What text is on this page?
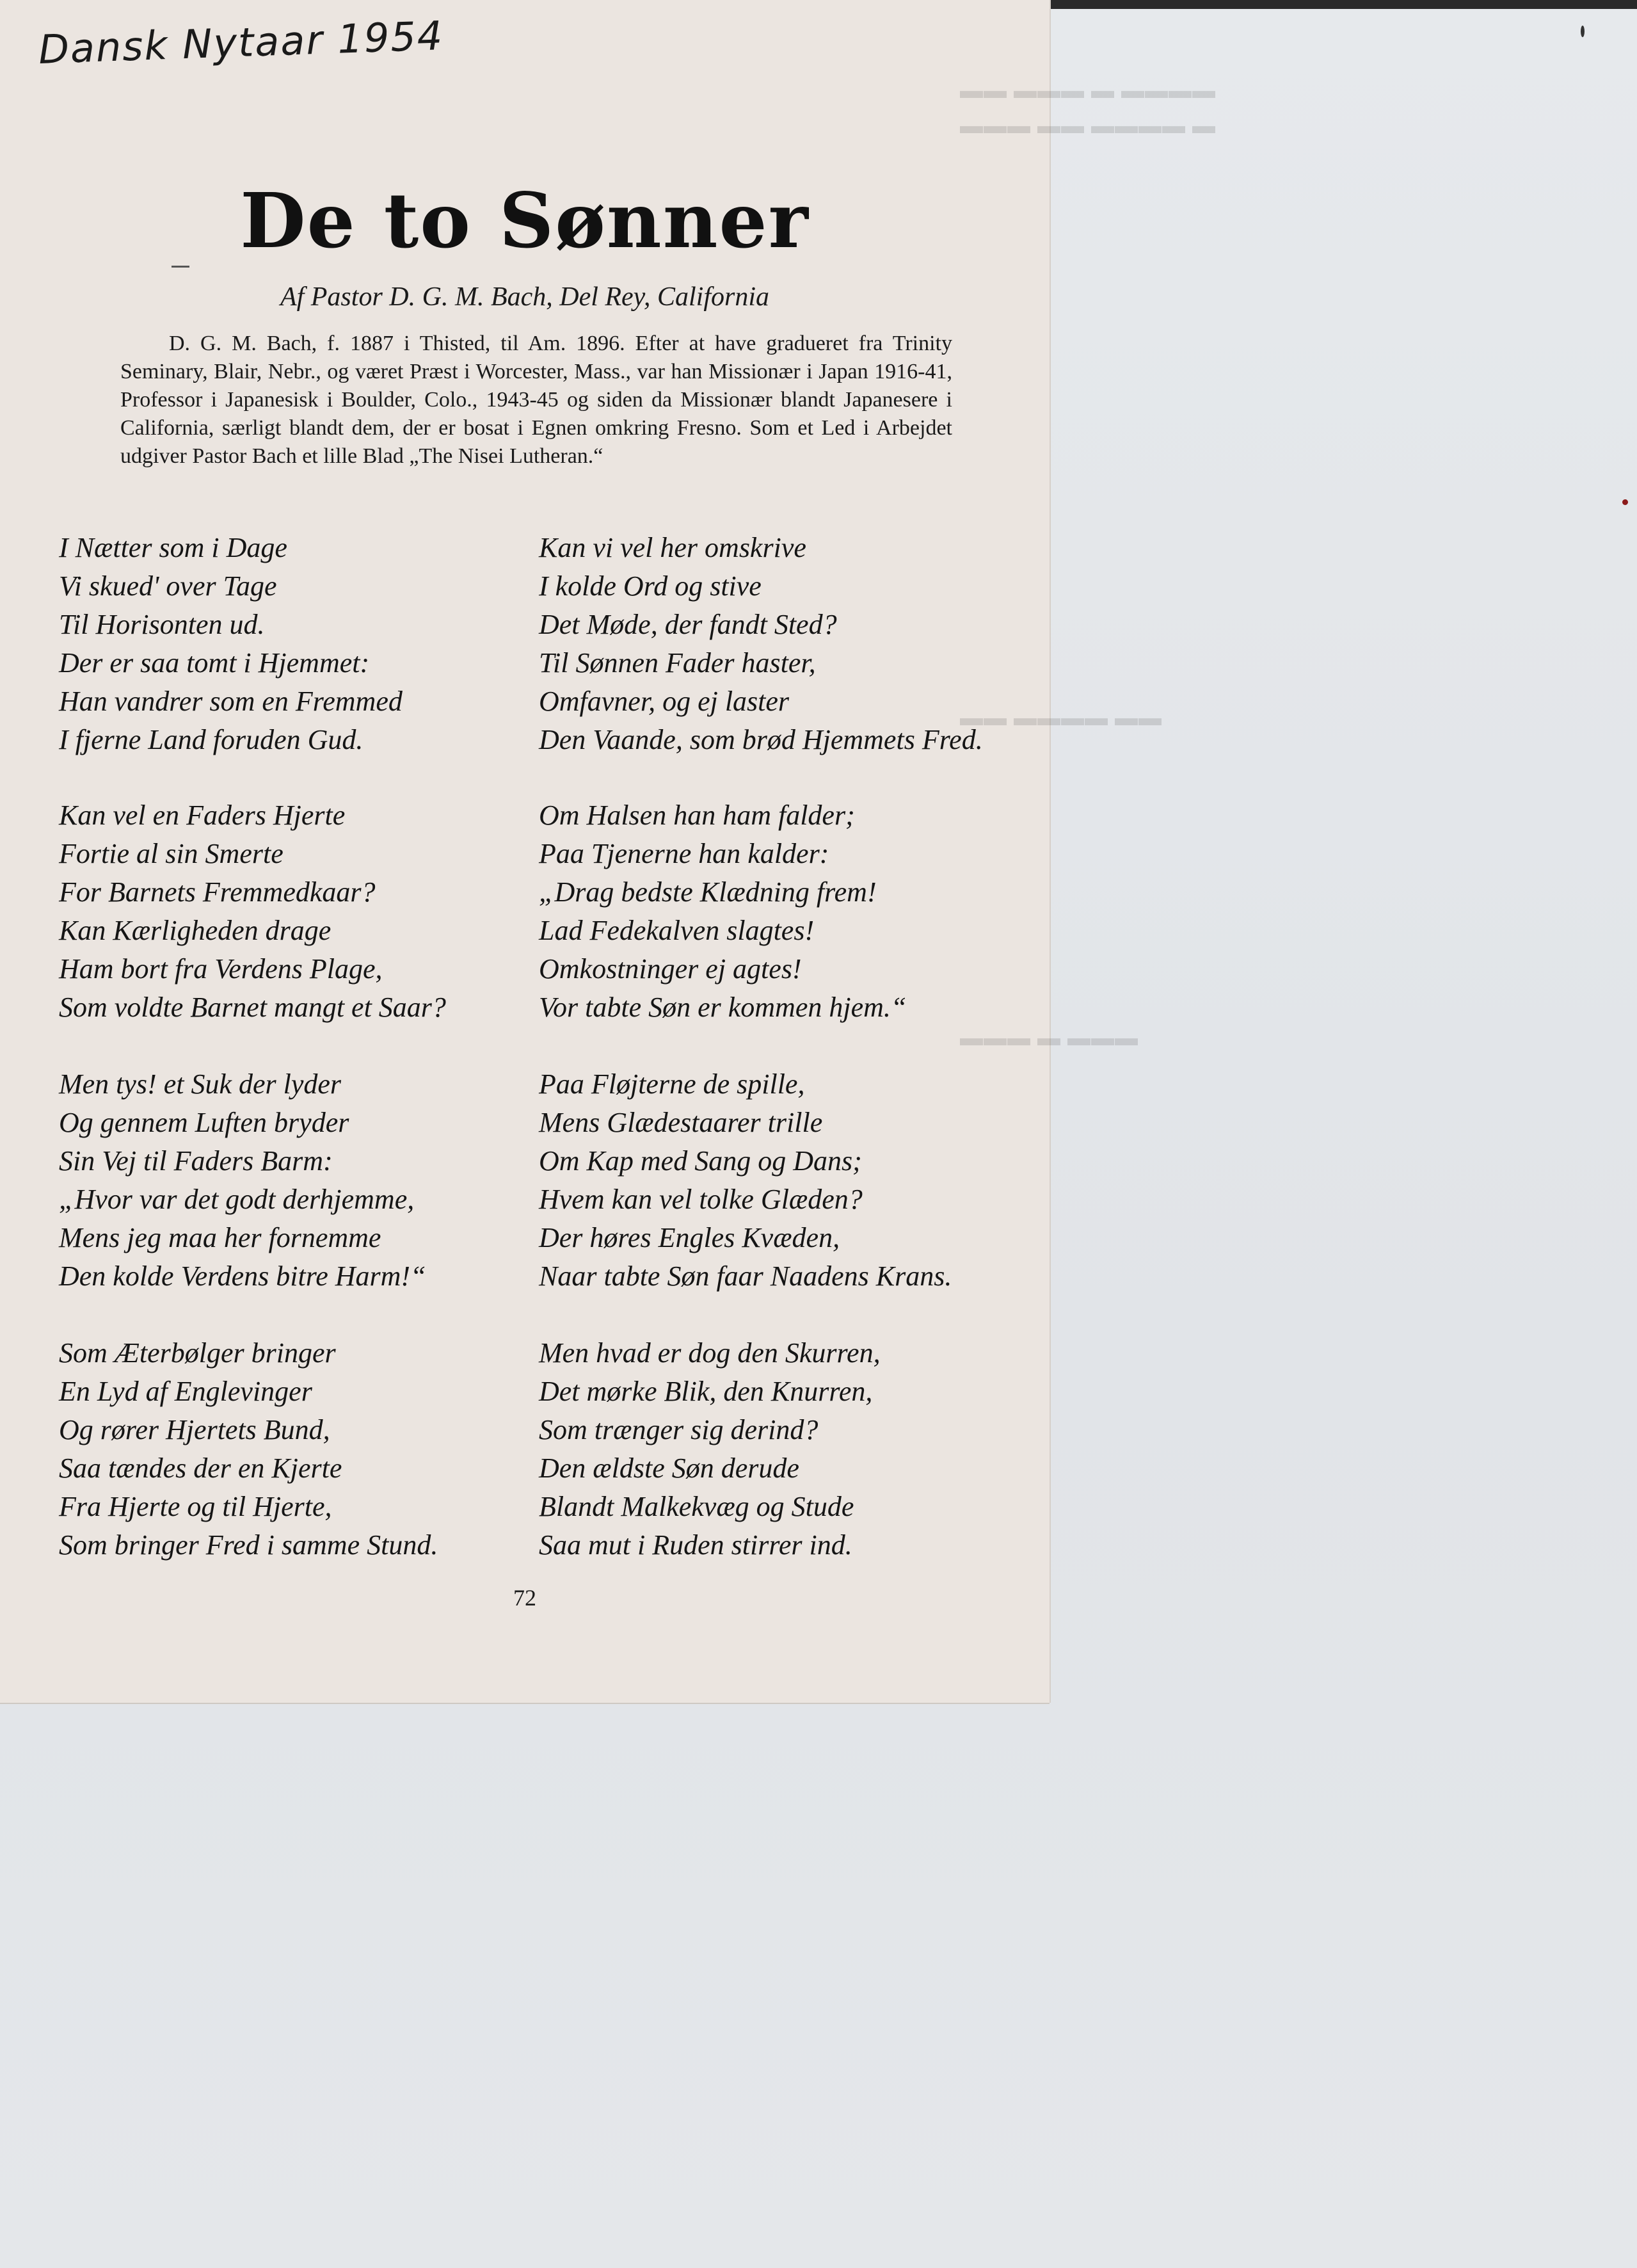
▬▬ ▬▬▬ ▬ ▬▬▬▬
▬▬▬ ▬▬ ▬▬▬▬ ▬
▬▬ ▬▬▬▬ ▬▬
▬▬▬ ▬ ▬▬▬
Dansk Nytaar 1954
De to Sønner
Af Pastor D. G. M. Bach, Del Rey, California

D. G. M. Bach, f. 1887 i Thisted, til Am. 1896. Efter at have graduеret fra Trinity Seminary, Blair, Nebr., og været Præst i Worcester, Mass., var han Missionær i Japan 1916-41, Professor i Japanesisk i Boulder, Colo., 1943-45 og siden da Missionær blandt Japanesere i California, særligt blandt dem, der er bosat i Egnen omkring Fresno. Som et Led i Arbejdet udgiver Pastor Bach et lille Blad „The Nisei Lutheran.“

I Nætter som i Dage
Vi skued' over Tage
Til Horisonten ud.
Der er saa tomt i Hjemmet:
Han vandrer som en Fremmed
I fjerne Land foruden Gud.
Kan vel en Faders Hjerte
Fortie al sin Smerte
For Barnets Fremmedkaar?
Kan Kærligheden drage
Ham bort fra Verdens Plage,
Som voldte Barnet mangt et Saar?
Men tys! et Suk der lyder
Og gennem Luften bryder
Sin Vej til Faders Barm:
„Hvor var det godt derhjemme,
Mens jeg maa her fornemme
Den kolde Verdens bitre Harm!“
Som Æterbølger bringer
En Lyd af Englevinger
Og rører Hjertets Bund,
Saa tændes der en Kjerte
Fra Hjerte og til Hjerte,
Som bringer Fred i samme Stund.
Kan vi vel her omskrive
I kolde Ord og stive
Det Møde, der fandt Sted?
Til Sønnen Fader haster,
Omfavner, og ej laster
Den Vaande, som brød Hjemmets Fred.
Om Halsen han ham falder;
Paa Tjenerne han kalder:
„Drag bedste Klædning frem!
Lad Fedekalven slagtes!
Omkostninger ej agtes!
Vor tabte Søn er kommen hjem.“
Paa Fløjterne de spille,
Mens Glædestaarer trille
Om Kap med Sang og Dans;
Hvem kan vel tolke Glæden?
Der høres Engles Kvæden,
Naar tabte Søn faar Naadens Krans.
Men hvad er dog den Skurren,
Det mørke Blik, den Knurren,
Som trænger sig derind?
Den ældste Søn derude
Blandt Malkekvæg og Stude
Saa mut i Ruden stirrer ind.
72
